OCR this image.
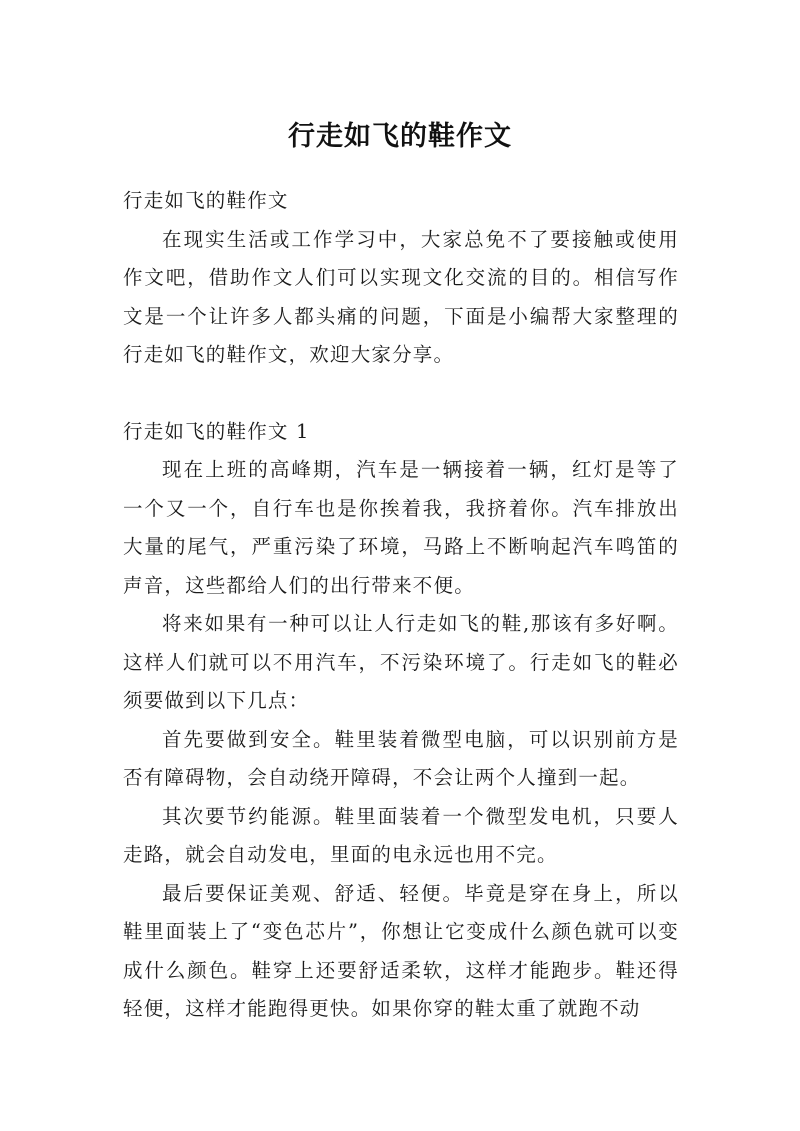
行走如飞的鞋作文

行走如飞的鞋作文

在现实生活或工作学习中，大家总免不了要接触或使用作文吧，借助作文人们可以实现文化交流的目的。相信写作文是一个让许多人都头痛的问题，下面是小编帮大家整理的行走如飞的鞋作文，欢迎大家分享。

行走如飞的鞋作文 1

现在上班的高峰期，汽车是一辆接着一辆，红灯是等了一个又一个，自行车也是你挨着我，我挤着你。汽车排放出大量的尾气，严重污染了环境，马路上不断响起汽车鸣笛的声音，这些都给人们的出行带来不便。

将来如果有一种可以让人行走如飞的鞋,那该有多好啊。这样人们就可以不用汽车，不污染环境了。行走如飞的鞋必须要做到以下几点：

首先要做到安全。鞋里装着微型电脑，可以识别前方是否有障碍物，会自动绕开障碍，不会让两个人撞到一起。

其次要节约能源。鞋里面装着一个微型发电机，只要人走路，就会自动发电，里面的电永远也用不完。

最后要保证美观、舒适、轻便。毕竟是穿在身上，所以鞋里面装上了“变色芯片”，你想让它变成什么颜色就可以变成什么颜色。鞋穿上还要舒适柔软，这样才能跑步。鞋还得轻便，这样才能跑得更快。如果你穿的鞋太重了就跑不动
